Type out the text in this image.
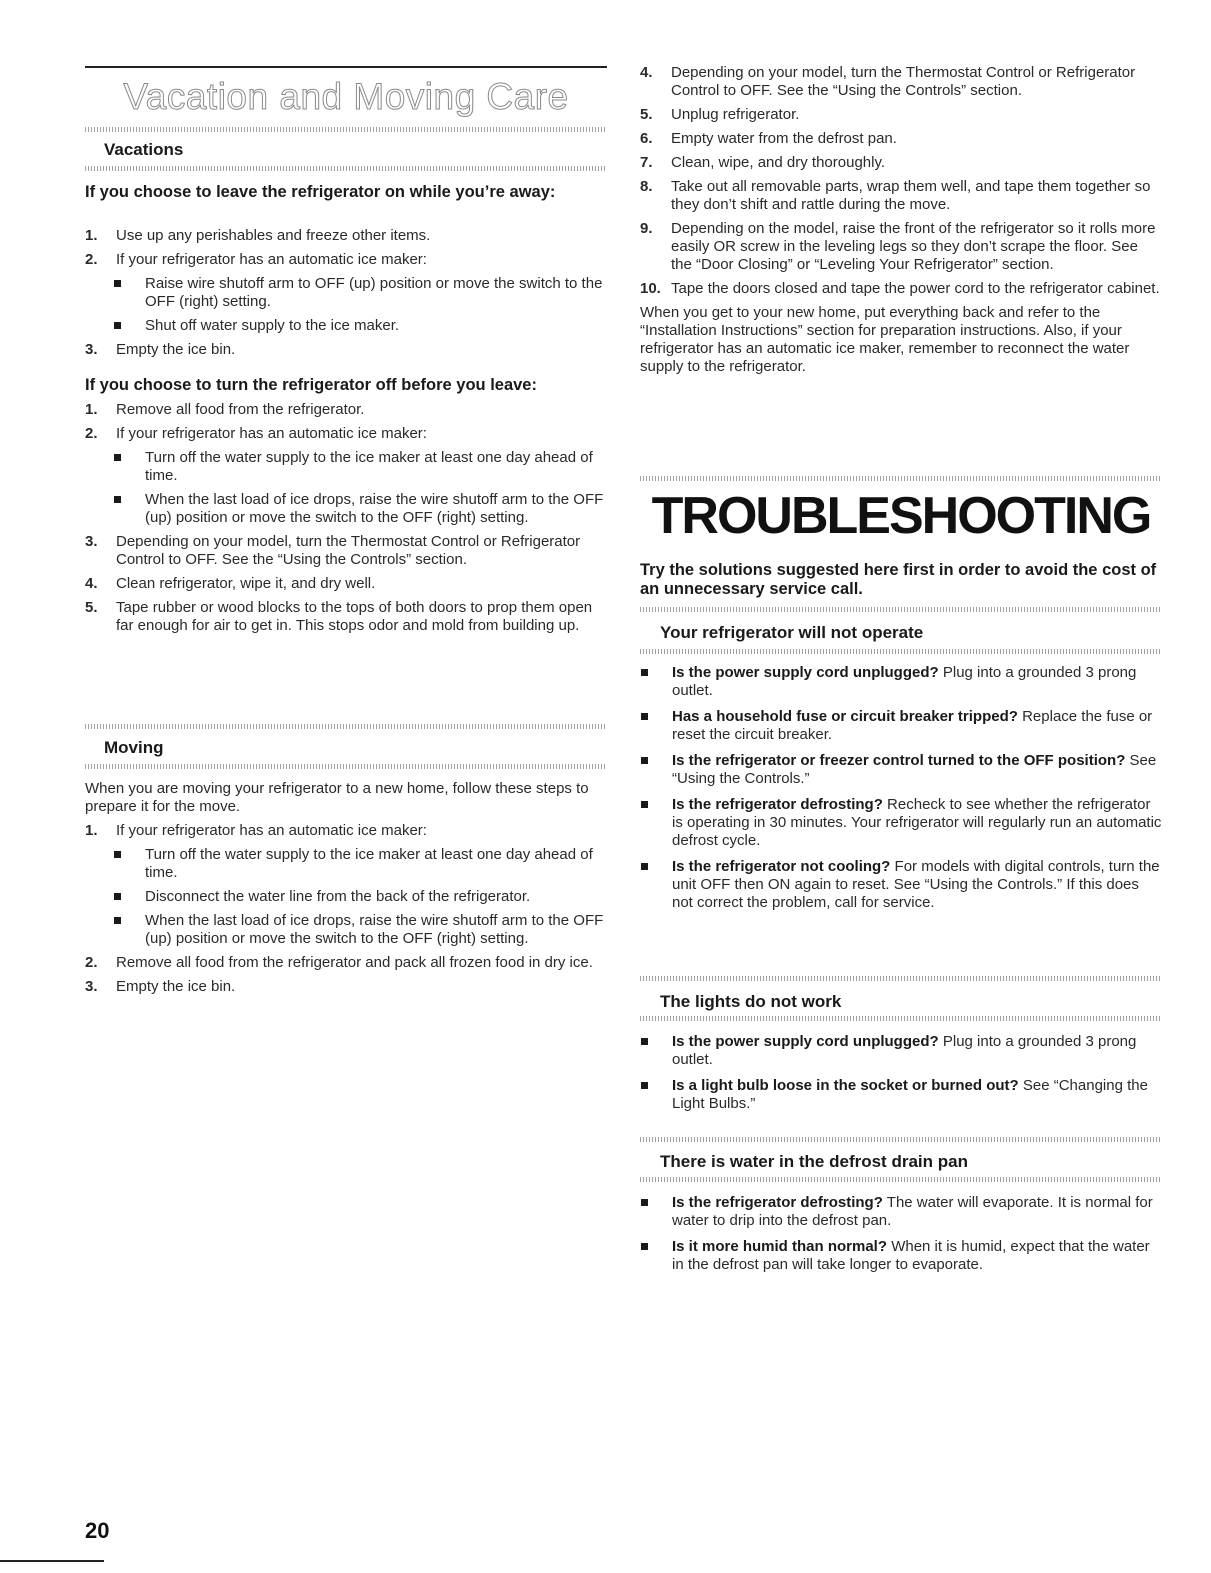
Vacation and Moving Care
Vacations
If you choose to leave the refrigerator on while you’re away:
1. Use up any perishables and freeze other items.
2. If your refrigerator has an automatic ice maker:
Raise wire shutoff arm to OFF (up) position or move the switch to the OFF (right) setting.
Shut off water supply to the ice maker.
3. Empty the ice bin.
If you choose to turn the refrigerator off before you leave:
1. Remove all food from the refrigerator.
2. If your refrigerator has an automatic ice maker:
Turn off the water supply to the ice maker at least one day ahead of time.
When the last load of ice drops, raise the wire shutoff arm to the OFF (up) position or move the switch to the OFF (right) setting.
3. Depending on your model, turn the Thermostat Control or Refrigerator Control to OFF. See the “Using the Controls” section.
4. Clean refrigerator, wipe it, and dry well.
5. Tape rubber or wood blocks to the tops of both doors to prop them open far enough for air to get in. This stops odor and mold from building up.
Moving
When you are moving your refrigerator to a new home, follow these steps to prepare it for the move.
1. If your refrigerator has an automatic ice maker:
Turn off the water supply to the ice maker at least one day ahead of time.
Disconnect the water line from the back of the refrigerator.
When the last load of ice drops, raise the wire shutoff arm to the OFF (up) position or move the switch to the OFF (right) setting.
2. Remove all food from the refrigerator and pack all frozen food in dry ice.
3. Empty the ice bin.
4. Depending on your model, turn the Thermostat Control or Refrigerator Control to OFF. See the “Using the Controls” section.
5. Unplug refrigerator.
6. Empty water from the defrost pan.
7. Clean, wipe, and dry thoroughly.
8. Take out all removable parts, wrap them well, and tape them together so they don’t shift and rattle during the move.
9. Depending on the model, raise the front of the refrigerator so it rolls more easily OR screw in the leveling legs so they don’t scrape the floor. See the “Door Closing” or “Leveling Your Refrigerator” section.
10. Tape the doors closed and tape the power cord to the refrigerator cabinet.
When you get to your new home, put everything back and refer to the “Installation Instructions” section for preparation instructions. Also, if your refrigerator has an automatic ice maker, remember to reconnect the water supply to the refrigerator.
TROUBLESHOOTING
Try the solutions suggested here first in order to avoid the cost of an unnecessary service call.
Your refrigerator will not operate
Is the power supply cord unplugged? Plug into a grounded 3 prong outlet.
Has a household fuse or circuit breaker tripped? Replace the fuse or reset the circuit breaker.
Is the refrigerator or freezer control turned to the OFF position? See “Using the Controls.”
Is the refrigerator defrosting? Recheck to see whether the refrigerator is operating in 30 minutes. Your refrigerator will regularly run an automatic defrost cycle.
Is the refrigerator not cooling? For models with digital controls, turn the unit OFF then ON again to reset. See “Using the Controls.” If this does not correct the problem, call for service.
The lights do not work
Is the power supply cord unplugged? Plug into a grounded 3 prong outlet.
Is a light bulb loose in the socket or burned out? See “Changing the Light Bulbs.”
There is water in the defrost drain pan
Is the refrigerator defrosting? The water will evaporate. It is normal for water to drip into the defrost pan.
Is it more humid than normal? When it is humid, expect that the water in the defrost pan will take longer to evaporate.
20
